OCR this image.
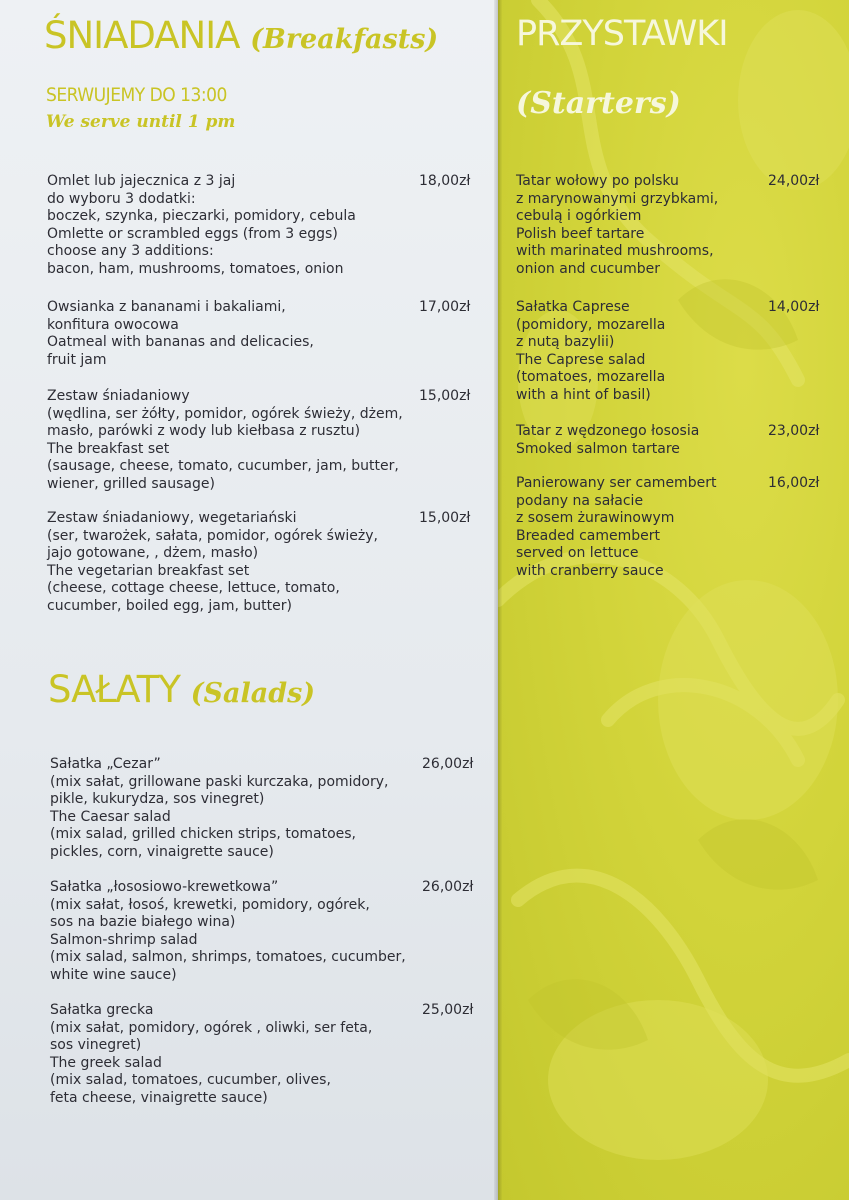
ŚNIADANIA (Breakfasts)

SERWUJEMY DO 13:00

We serve until 1 pm

Omlet lub jajecznica z 3 jaj
do wyboru 3 dodatki:
boczek, szynka, pieczarki, pomidory, cebula
Omlette or scrambled eggs (from 3 eggs)
choose any 3 additions:
bacon, ham, mushrooms, tomatoes, onion

18,00zł

Owsianka z bananami i bakaliami,
konfitura owocowa
Oatmeal with bananas and delicacies,
fruit jam

17,00zł

Zestaw śniadaniowy
(wędlina, ser żółty, pomidor, ogórek świeży, dżem,
masło, parówki z wody lub kiełbasa z rusztu)
The breakfast set
(sausage, cheese, tomato, cucumber, jam, butter,
wiener, grilled sausage)

15,00zł

Zestaw śniadaniowy, wegetariański
(ser, twarożek, sałata, pomidor, ogórek świeży,
jajo gotowane, , dżem, masło)
The vegetarian breakfast set
(cheese, cottage cheese, lettuce, tomato,
cucumber, boiled egg, jam, butter)

15,00zł

SAŁATY (Salads)

Sałatka „Cezar”
(mix sałat, grillowane paski kurczaka, pomidory,
pikle, kukurydza, sos vinegret)
The Caesar salad
(mix salad, grilled chicken strips, tomatoes,
pickles, corn, vinaigrette sauce)

26,00zł

Sałatka „łososiowo-krewetkowa”
(mix sałat, łosoś, krewetki, pomidory, ogórek,
sos na bazie białego wina)
Salmon-shrimp salad
(mix salad, salmon, shrimps, tomatoes, cucumber,
white wine sauce)

26,00zł

Sałatka grecka
(mix sałat, pomidory, ogórek , oliwki, ser feta,
sos vinegret)
The greek salad
(mix salad, tomatoes, cucumber, olives,
feta cheese, vinaigrette sauce)

25,00zł

PRZYSTAWKI
(Starters)

Tatar wołowy po polsku
z marynowanymi grzybkami,
cebulą i ogórkiem
Polish beef tartare
with marinated mushrooms,
onion and cucumber

24,00zł

Sałatka Caprese
(pomidory, mozarella
z nutą bazylii)
The Caprese salad
(tomatoes, mozarella
with a hint of basil)

14,00zł

Tatar z wędzonego łososia
Smoked salmon tartare

23,00zł

Panierowany ser camembert
podany na sałacie
z sosem żurawinowym
Breaded camembert
served on lettuce
with cranberry sauce

16,00zł
